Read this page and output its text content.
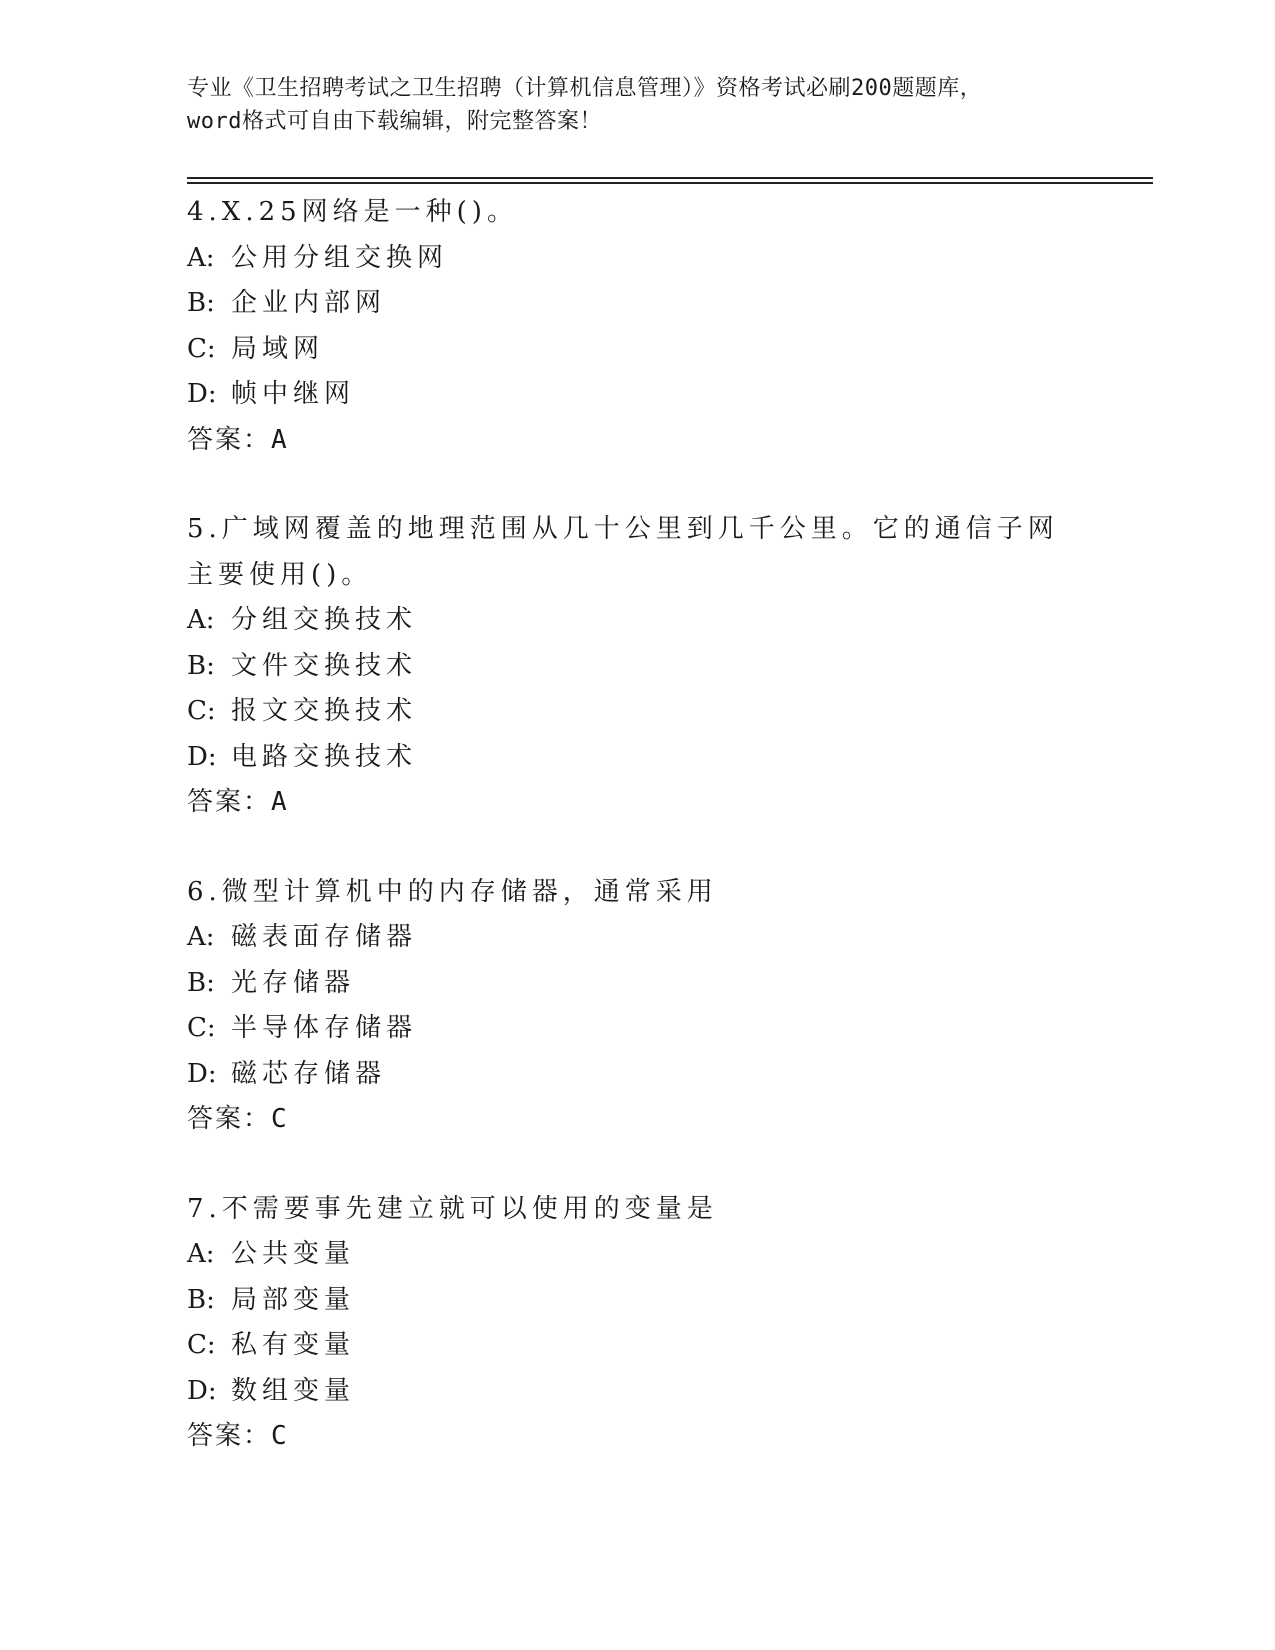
专业《卫生招聘考试之卫生招聘（计算机信息管理）》资格考试必刷200题题库，
word格式可自由下载编辑，附完整答案！
4.X.25网络是一种()。
A: 公用分组交换网
B: 企业内部网
C: 局域网
D: 帧中继网
答案：A
5.广域网覆盖的地理范围从几十公里到几千公里。它的通信子网主要使用()。
A: 分组交换技术
B: 文件交换技术
C: 报文交换技术
D: 电路交换技术
答案：A
6.微型计算机中的内存储器，通常采用
A: 磁表面存储器
B: 光存储器
C: 半导体存储器
D: 磁芯存储器
答案：C
7.不需要事先建立就可以使用的变量是
A: 公共变量
B: 局部变量
C: 私有变量
D: 数组变量
答案：C
